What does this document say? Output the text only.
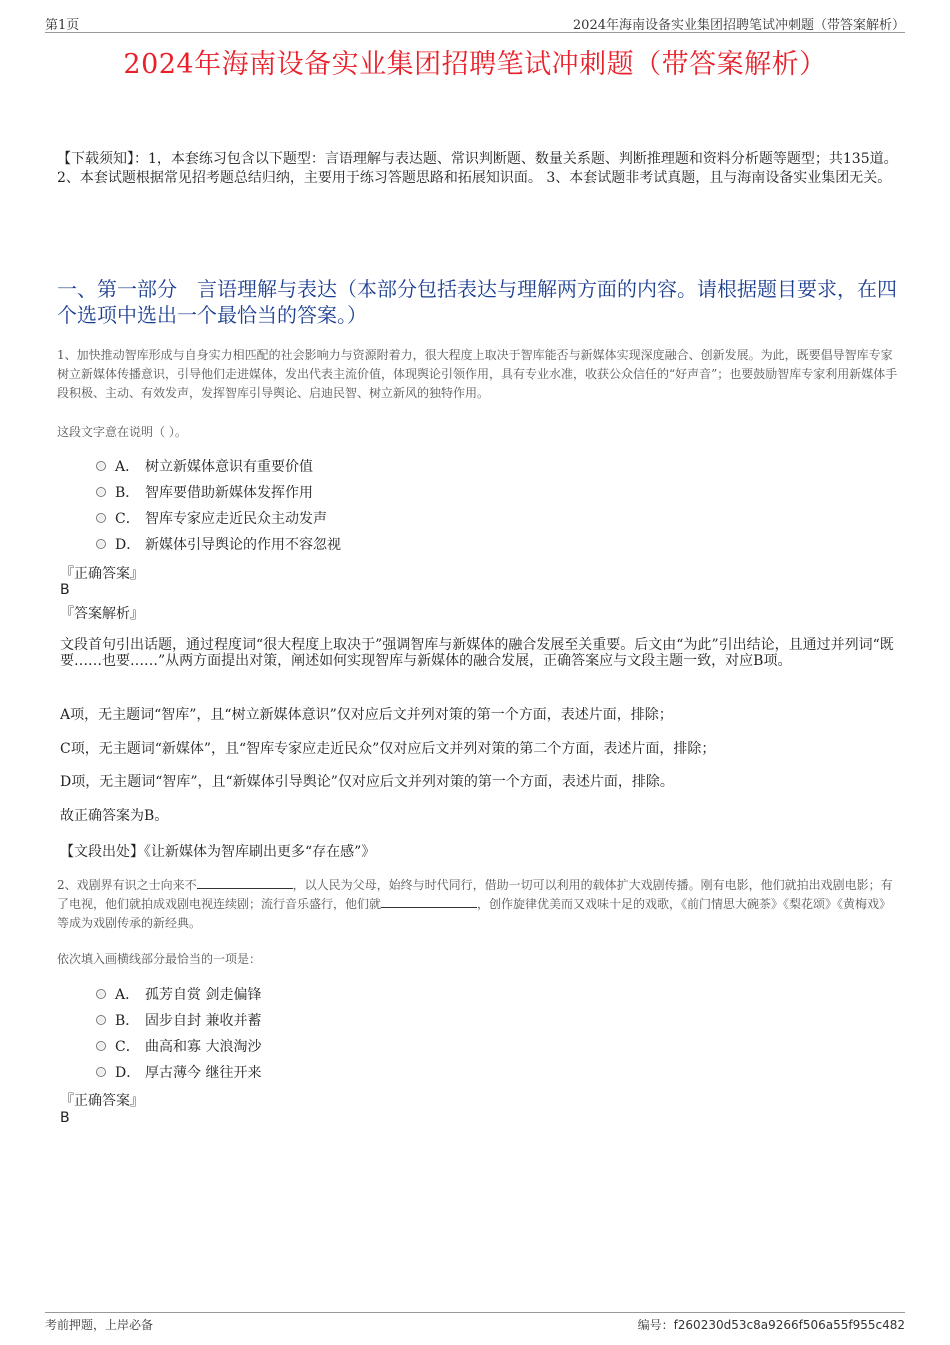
第1页	2024年海南设备实业集团招聘笔试冲刺题（带答案解析）
2024年海南设备实业集团招聘笔试冲刺题（带答案解析）
【下载须知】：1，本套练习包含以下题型：言语理解与表达题、常识判断题、数量关系题、判断推理题和资料分析题等题型；共135道。 2、本套试题根据常见招考题总结归纳，主要用于练习答题思路和拓展知识面。 3、本套试题非考试真题，且与海南设备实业集团无关。
一、第一部分　言语理解与表达（本部分包括表达与理解两方面的内容。请根据题目要求，在四个选项中选出一个最恰当的答案。）
1、加快推动智库形成与自身实力相匹配的社会影响力与资源附着力，很大程度上取决于智库能否与新媒体实现深度融合、创新发展。为此，既要倡导智库专家树立新媒体传播意识，引导他们走进媒体，发出代表主流价值，体现舆论引领作用，具有专业水准，收获公众信任的“好声音”；也要鼓励智库专家利用新媒体手段积极、主动、有效发声，发挥智库引导舆论、启迪民智、树立新风的独特作用。
这段文字意在说明（ ）。
A． 树立新媒体意识有重要价值
B． 智库要借助新媒体发挥作用
C． 智库专家应走近民众主动发声
D． 新媒体引导舆论的作用不容忽视
『正确答案』
B
『答案解析』
文段首句引出话题，通过程度词“很大程度上取决于”强调智库与新媒体的融合发展至关重要。后文由“为此”引出结论，且通过并列词“既要……也要……”从两方面提出对策，阐述如何实现智库与新媒体的融合发展，正确答案应与文段主题一致，对应B项。
A项，无主题词“智库”，且“树立新媒体意识”仅对应后文并列对策的第一个方面，表述片面，排除；
C项，无主题词“新媒体”，且“智库专家应走近民众”仅对应后文并列对策的第二个方面，表述片面，排除；
D项，无主题词“智库”，且“新媒体引导舆论”仅对应后文并列对策的第一个方面，表述片面，排除。
故正确答案为B。
【文段出处】《让新媒体为智库刷出更多“存在感”》
2、戏剧界有识之士向来不	，以人民为父母，始终与时代同行，借助一切可以利用的载体扩大戏剧传播。刚有电影，他们就拍出戏剧电影；有了电视，他们就拍成戏剧电视连续剧；流行音乐盛行，他们就	，创作旋律优美而又戏味十足的戏歌，《前门情思大碗茶》《梨花颂》《黄梅戏》等成为戏剧传承的新经典。
依次填入画横线部分最恰当的一项是：
A． 孤芳自赏 剑走偏锋
B． 固步自封 兼收并蓄
C． 曲高和寡 大浪淘沙
D． 厚古薄今 继往开来
『正确答案』
B
考前押题，上岸必备	编号：f260230d53c8a9266f506a55f955c482
